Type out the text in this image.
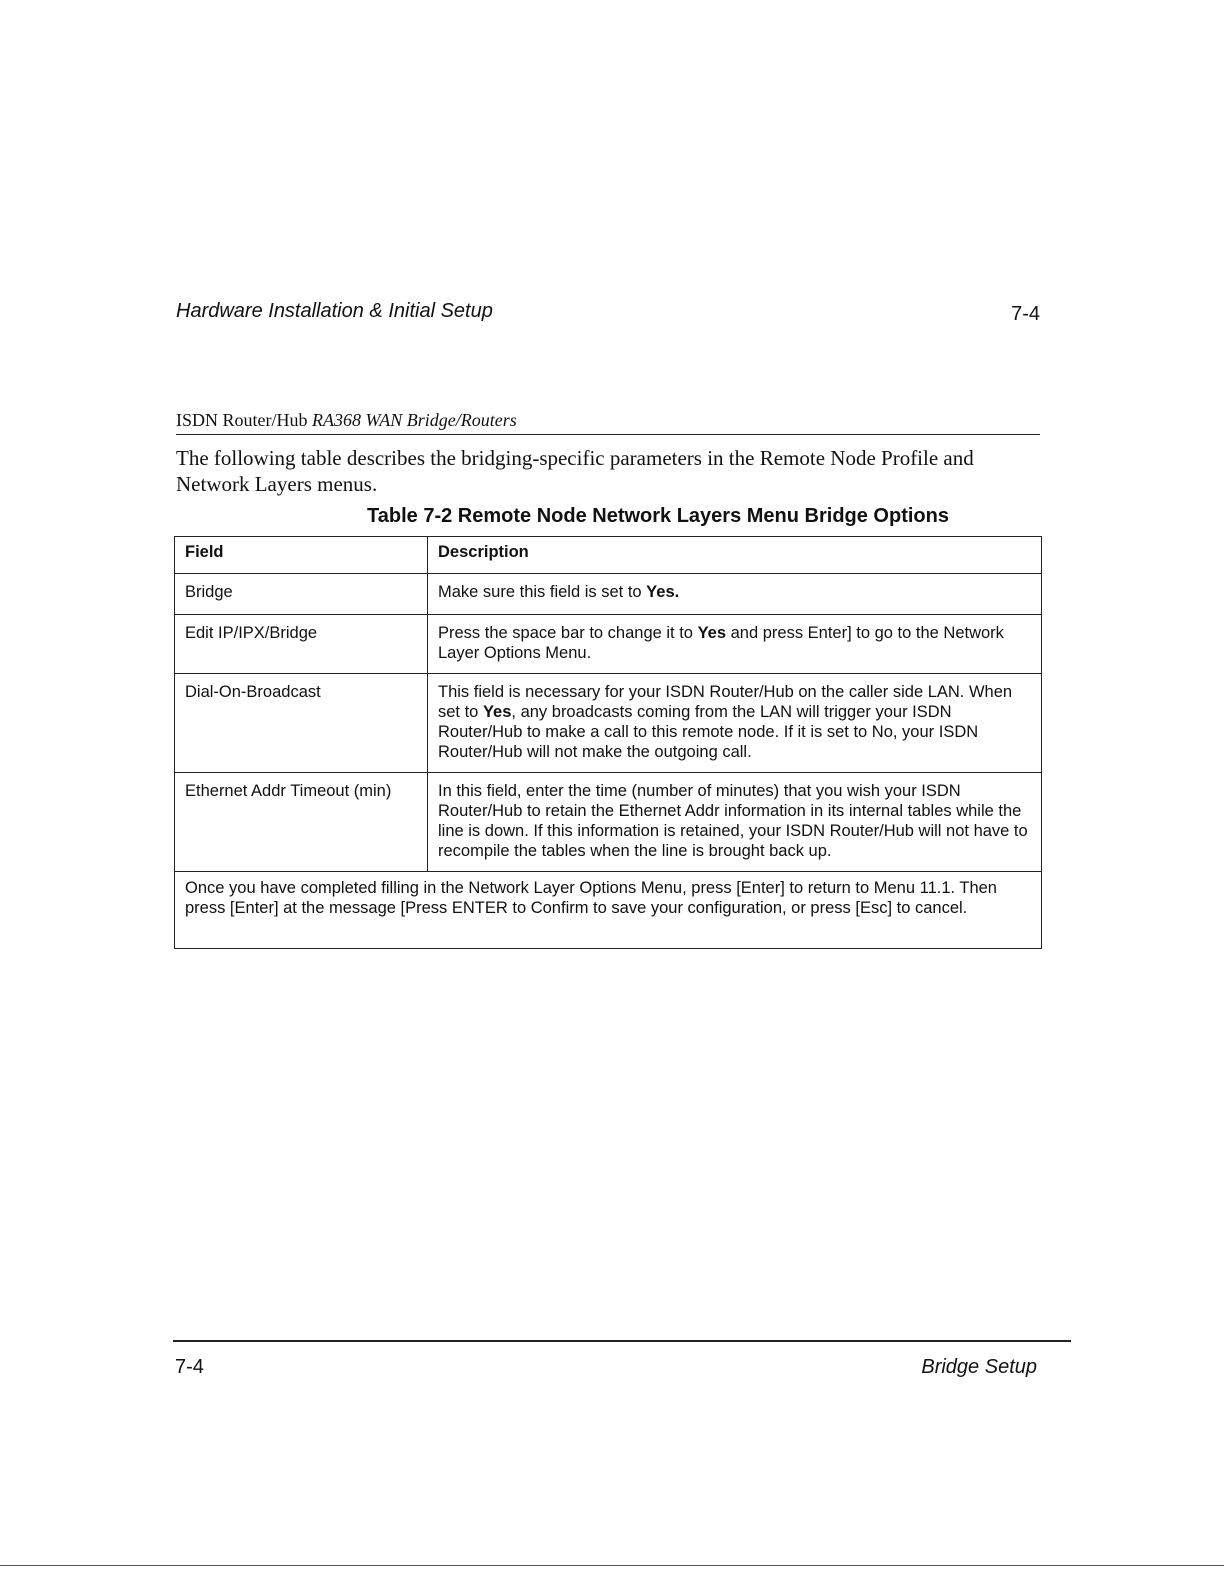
Hardware Installation & Initial Setup	7-4
ISDN Router/Hub RA368 WAN Bridge/Routers

The following table describes the bridging-specific parameters in the Remote Node Profile and Network Layers menus.

Table 7-2 Remote Node Network Layers Menu Bridge Options

Field	Description
Bridge	Make sure this field is set to Yes.
Edit IP/IPX/Bridge	Press the space bar to change it to Yes and press Enter] to go to the Network Layer Options Menu.
Dial-On-Broadcast	This field is necessary for your ISDN Router/Hub on the caller side LAN. When set to Yes, any broadcasts coming from the LAN will trigger your ISDN Router/Hub to make a call to this remote node. If it is set to No, your ISDN Router/Hub will not make the outgoing call.
Ethernet Addr Timeout (min)	In this field, enter the time (number of minutes) that you wish your ISDN Router/Hub to retain the Ethernet Addr information in its internal tables while the line is down. If this information is retained, your ISDN Router/Hub will not have to recompile the tables when the line is brought back up.
Once you have completed filling in the Network Layer Options Menu, press [Enter] to return to Menu 11.1. Then press [Enter] at the message [Press ENTER to Confirm to save your configuration, or press [Esc] to cancel.	
7-4	Bridge Setup
